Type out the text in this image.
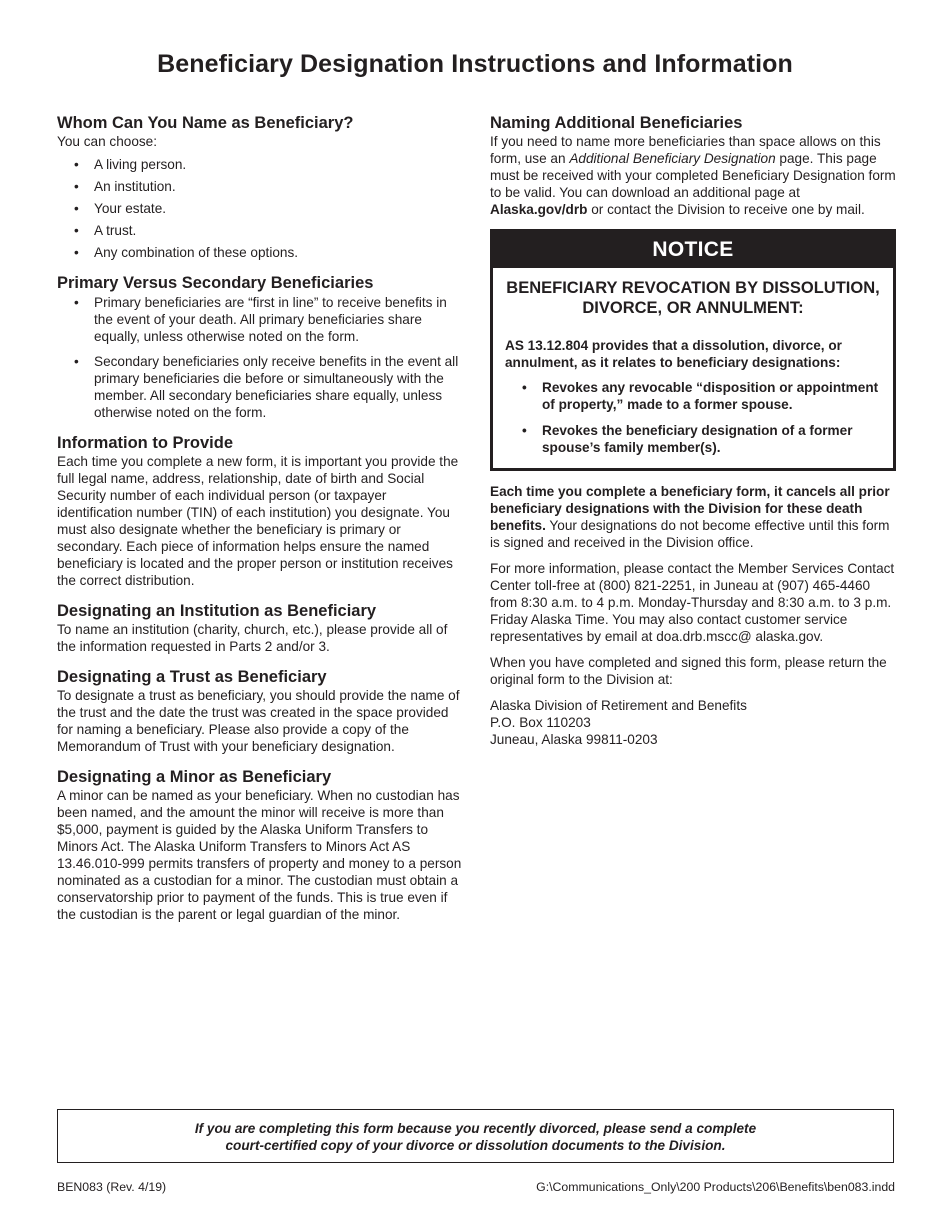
Beneficiary Designation Instructions and Information
Whom Can You Name as Beneficiary?

You can choose:

• A living person.
• An institution.
• Your estate.
• A trust.
• Any combination of these options.
Primary Versus Secondary Beneficiaries
• Primary beneficiaries are “first in line” to receive benefits in the event of your death. All primary beneficiaries share equally, unless otherwise noted on the form.
• Secondary beneficiaries only receive benefits in the event all primary beneficiaries die before or simultaneously with the member. All secondary beneficiaries share equally, unless otherwise noted on the form.
Information to Provide

Each time you complete a new form, it is important you provide the full legal name, address, relationship, date of birth and Social Security number of each individual person (or taxpayer identification number (TIN) of each institution) you designate. You must also designate whether the beneficiary is primary or secondary. Each piece of information helps ensure the named beneficiary is located and the proper person or institution receives the correct distribution.

Designating an Institution as Beneficiary

To name an institution (charity, church, etc.), please provide all of the information requested in Parts 2 and/or 3.

Designating a Trust as Beneficiary

To designate a trust as beneficiary, you should provide the name of the trust and the date the trust was created in the space provided for naming a beneficiary. Please also provide a copy of the Memorandum of Trust with your beneficiary designation.

Designating a Minor as Beneficiary

A minor can be named as your beneficiary. When no custodian has been named, and the amount the minor will receive is more than $5,000, payment is guided by the Alaska Uniform Transfers to Minors Act. The Alaska Uniform Transfers to Minors Act AS 13.46.010-999 permits transfers of property and money to a person nominated as a custodian for a minor. The custodian must obtain a conservatorship prior to payment of the funds. This is true even if the custodian is the parent or legal guardian of the minor.

Naming Additional Beneficiaries

If you need to name more beneficiaries than space allows on this form, use an Additional Beneficiary Designation page. This page must be received with your completed Beneficiary Designation form to be valid. You can download an additional page at Alaska.gov/drb or contact the Division to receive one by mail.

NOTICE
BENEFICIARY REVOCATION BY DISSOLUTION, DIVORCE, OR ANNULMENT:

AS 13.12.804 provides that a dissolution, divorce, or annulment, as it relates to beneficiary designations:

• Revokes any revocable “disposition or appointment of property,” made to a former spouse.
• Revokes the beneficiary designation of a former spouse’s family member(s).

Each time you complete a beneficiary form, it cancels all prior beneficiary designations with the Division for these death benefits. Your designations do not become effective until this form is signed and received in the Division office.

For more information, please contact the Member Services Contact Center toll-free at (800) 821-2251, in Juneau at (907) 465-4460 from 8:30 a.m. to 4 p.m. Monday-Thursday and 8:30 a.m. to 3 p.m. Friday Alaska Time. You may also contact customer service representatives by email at doa.drb.mscc@ alaska.gov.

When you have completed and signed this form, please return the original form to the Division at:

Alaska Division of Retirement and Benefits
P.O. Box 110203
Juneau, Alaska 99811-0203

If you are completing this form because you recently divorced, please send a complete
court-certified copy of your divorce or dissolution documents to the Division.
BEN083 (Rev. 4/19)	G:\Communications_Only\200 Products\206\Benefits\ben083.indd
